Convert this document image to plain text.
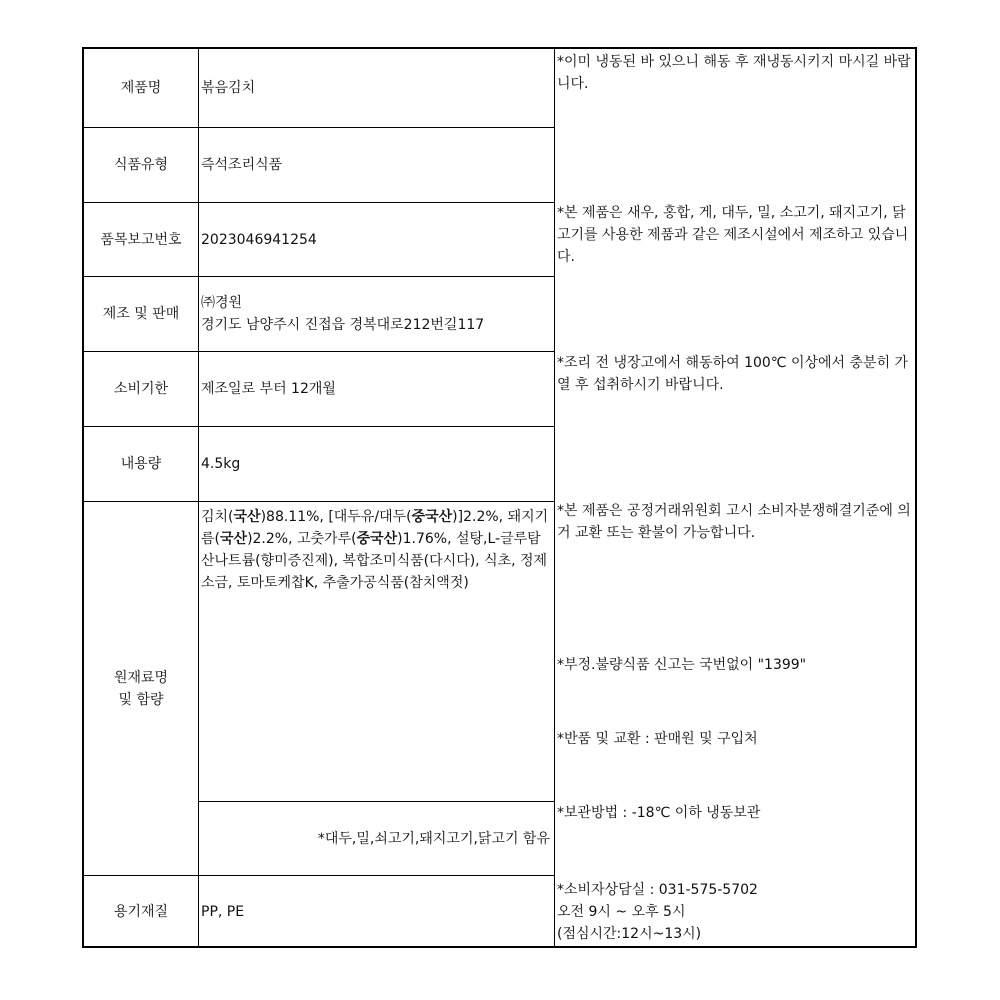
제품명	볶음김치
식품유형 즉석조리식품
품목보고번호 2023046941254
제조 및 판매
㈜경원
경기도 남양주시 진접읍 경복대로212번길117
소비기한 제조일로 부터 12개월
내용량	4.5kg
원재료명
및 함량
김치(국산)88.11%, [대두유/대두(중국산)]2.2%, 돼지기름(국산)2.2%, 고춧가루(중국산)1.76%, 설탕,L-글루탐산나트륨(향미증진제), 복합조미식품(다시다), 식초, 정제소금, 토마토케찹K, 추출가공식품(참치액젓)
*대두,밀,쇠고기,돼지고기,닭고기 함유
용기재질 PP, PE

*이미 냉동된 바 있으니 해동 후 재냉동시키지 마시길 바랍니다.

*본 제품은 새우, 홍합, 게, 대두, 밀, 소고기, 돼지고기, 닭고기를 사용한 제품과 같은 제조시설에서 제조하고 있습니다.

*조리 전 냉장고에서 해동하여 100℃ 이상에서 충분히 가열 후 섭취하시기 바랍니다.

*본 제품은 공정거래위원회 고시 소비자분쟁해결기준에 의거 교환 또는 환불이 가능합니다.

*부정.불량식품 신고는 국번없이 "1399"

*반품 및 교환 : 판매원 및 구입처

*보관방법 : -18℃ 이하 냉동보관

*소비자상담실 : 031-575-5702

오전 9시 ~ 오후 5시

(점심시간:12시~13시)
